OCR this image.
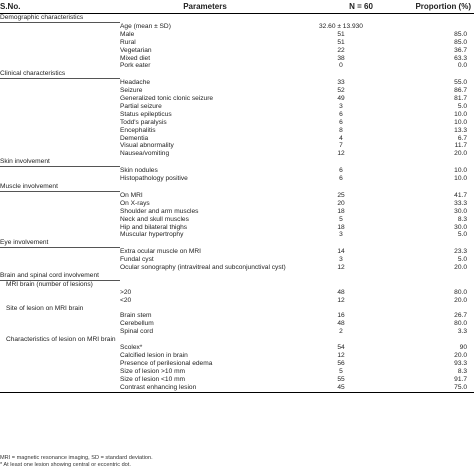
S.No.	Parameters	N = 60	Proportion (%)
Demographic characteristics			
	Age (mean ± SD)	32.60 ± 13.930	
	Male	51	85.0
	Rural	51	85.0
	Vegetarian	22	36.7
	Mixed diet	38	63.3
	Pork eater	0	0.0
Clinical characteristics			
	Headache	33	55.0
	Seizure	52	86.7
	Generalized tonic clonic seizure	49	81.7
	Partial seizure	3	5.0
	Status epilepticus	6	10.0
	Todd's paralysis	6	10.0
	Encephalitis	8	13.3
	Dementia	4	6.7
	Visual abnormality	7	11.7
	Nausea/vomiting	12	20.0
Skin involvement			
	Skin nodules	6	10.0
	Histopathology positive	6	10.0
Muscle involvement			
	On MRI	25	41.7
	On X-rays	20	33.3
	Shoulder and arm muscles	18	30.0
	Neck and skull muscles	5	8.3
	Hip and bilateral thighs	18	30.0
	Muscular hypertrophy	3	5.0
Eye involvement			
	Extra ocular muscle on MRI	14	23.3
	Fundal cyst	3	5.0
	Ocular sonography (intravitreal and subconjunctival cyst)	12	20.0
Brain and spinal cord involvement			
MRI brain (number of lesions)			
	>20	48	80.0
	<20	12	20.0
Site of lesion on MRI brain			
	Brain stem	16	26.7
	Cerebellum	48	80.0
	Spinal cord	2	3.3
Characteristics of lesion on MRI brain			
	Scolex*	54	90
	Calcified lesion in brain	12	20.0
	Presence of perilesional edema	56	93.3
	Size of lesion >10 mm	5	8.3
	Size of lesion <10 mm	55	91.7
	Contrast enhancing lesion	45	75.0
MRI = magnetic resonance imaging, SD = standard deviation.
* At least one lesion showing central or eccentric dot.
